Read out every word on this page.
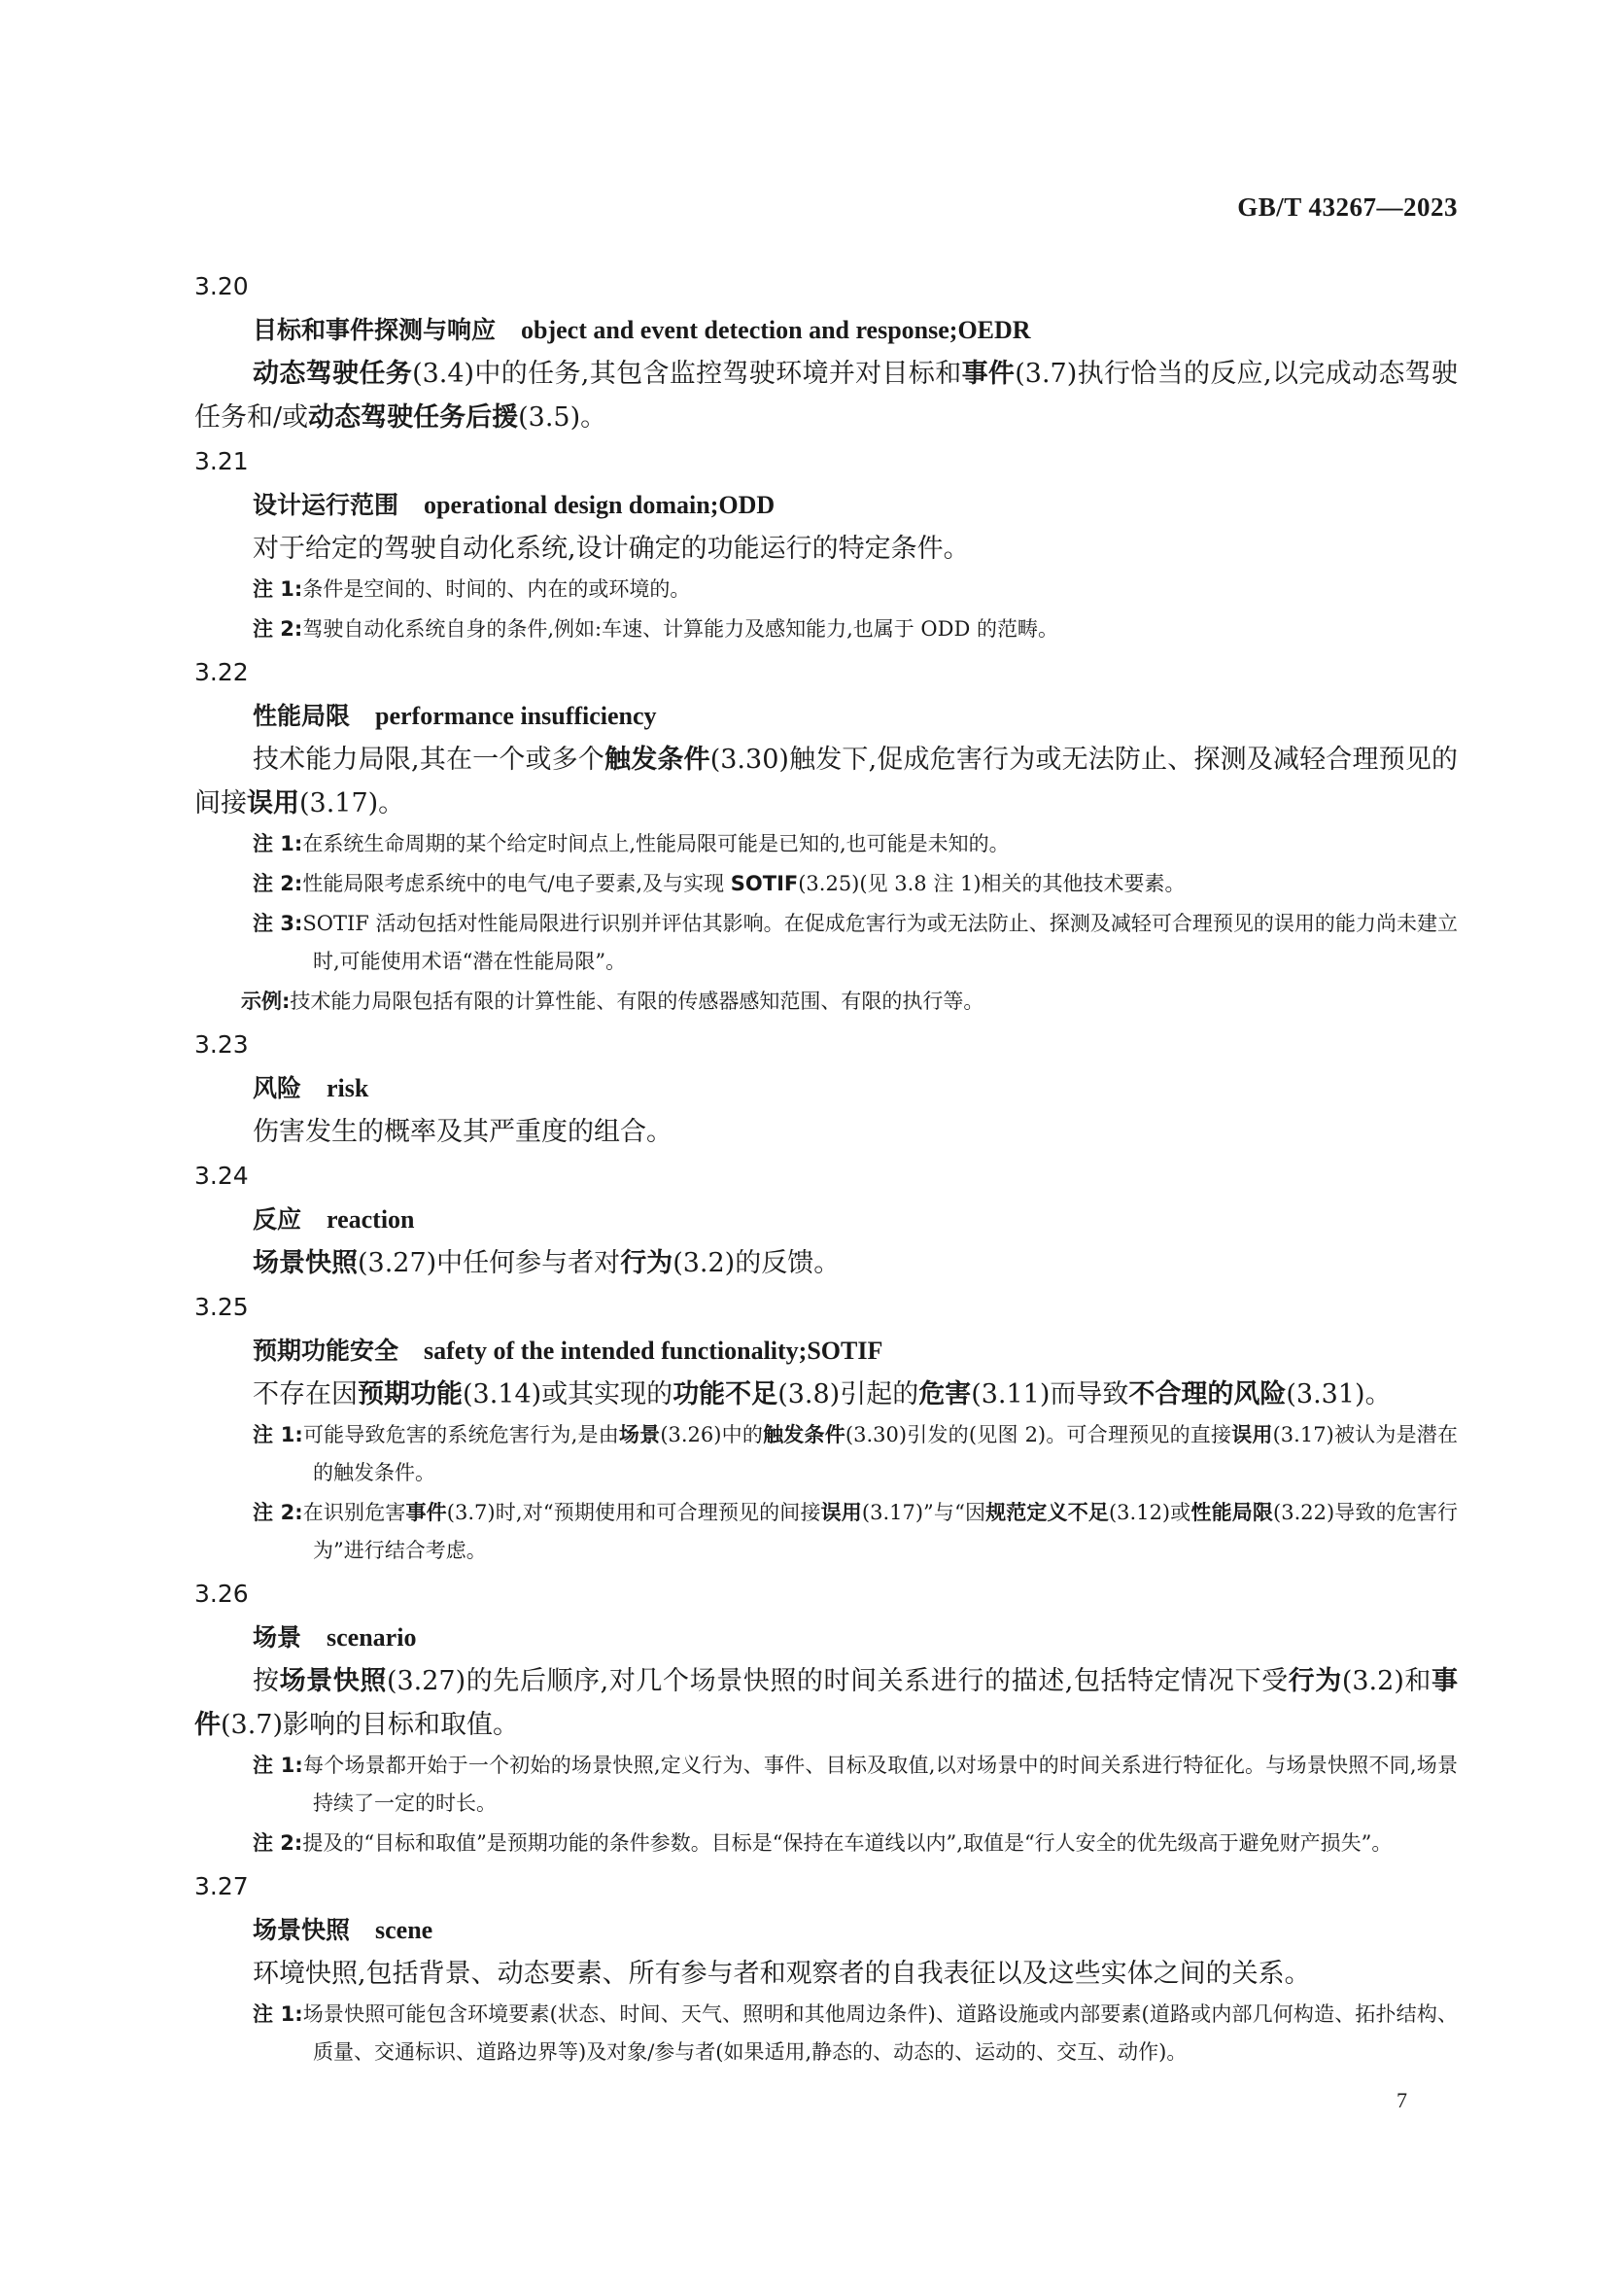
GB/T 43267—2023
3.20
目标和事件探测与响应 object and event detection and response;OEDR

动态驾驶任务(3.4)中的任务,其包含监控驾驶环境并对目标和事件(3.7)执行恰当的反应,以完成动态驾驶任务和/或动态驾驶任务后援(3.5)。

3.21
设计运行范围 operational design domain;ODD

对于给定的驾驶自动化系统,设计确定的功能运行的特定条件。

注 1:条件是空间的、时间的、内在的或环境的。

注 2:驾驶自动化系统自身的条件,例如:车速、计算能力及感知能力,也属于 ODD 的范畴。

3.22
性能局限 performance insufficiency

技术能力局限,其在一个或多个触发条件(3.30)触发下,促成危害行为或无法防止、探测及减轻合理预见的间接误用(3.17)。

注 1:在系统生命周期的某个给定时间点上,性能局限可能是已知的,也可能是未知的。

注 2:性能局限考虑系统中的电气/电子要素,及与实现 SOTIF(3.25)(见 3.8 注 1)相关的其他技术要素。

注 3:SOTIF 活动包括对性能局限进行识别并评估其影响。在促成危害行为或无法防止、探测及减轻可合理预见的误用的能力尚未建立时,可能使用术语“潜在性能局限”。

示例:技术能力局限包括有限的计算性能、有限的传感器感知范围、有限的执行等。

3.23
风险 risk

伤害发生的概率及其严重度的组合。

3.24
反应 reaction

场景快照(3.27)中任何参与者对行为(3.2)的反馈。

3.25
预期功能安全 safety of the intended functionality;SOTIF

不存在因预期功能(3.14)或其实现的功能不足(3.8)引起的危害(3.11)而导致不合理的风险(3.31)。

注 1:可能导致危害的系统危害行为,是由场景(3.26)中的触发条件(3.30)引发的(见图 2)。可合理预见的直接误用(3.17)被认为是潜在的触发条件。

注 2:在识别危害事件(3.7)时,对“预期使用和可合理预见的间接误用(3.17)”与“因规范定义不足(3.12)或性能局限(3.22)导致的危害行为”进行结合考虑。

3.26
场景 scenario

按场景快照(3.27)的先后顺序,对几个场景快照的时间关系进行的描述,包括特定情况下受行为(3.2)和事件(3.7)影响的目标和取值。

注 1:每个场景都开始于一个初始的场景快照,定义行为、事件、目标及取值,以对场景中的时间关系进行特征化。与场景快照不同,场景持续了一定的时长。

注 2:提及的“目标和取值”是预期功能的条件参数。目标是“保持在车道线以内”,取值是“行人安全的优先级高于避免财产损失”。

3.27
场景快照 scene

环境快照,包括背景、动态要素、所有参与者和观察者的自我表征以及这些实体之间的关系。

注 1:场景快照可能包含环境要素(状态、时间、天气、照明和其他周边条件)、道路设施或内部要素(道路或内部几何构造、拓扑结构、质量、交通标识、道路边界等)及对象/参与者(如果适用,静态的、动态的、运动的、交互、动作)。

7
